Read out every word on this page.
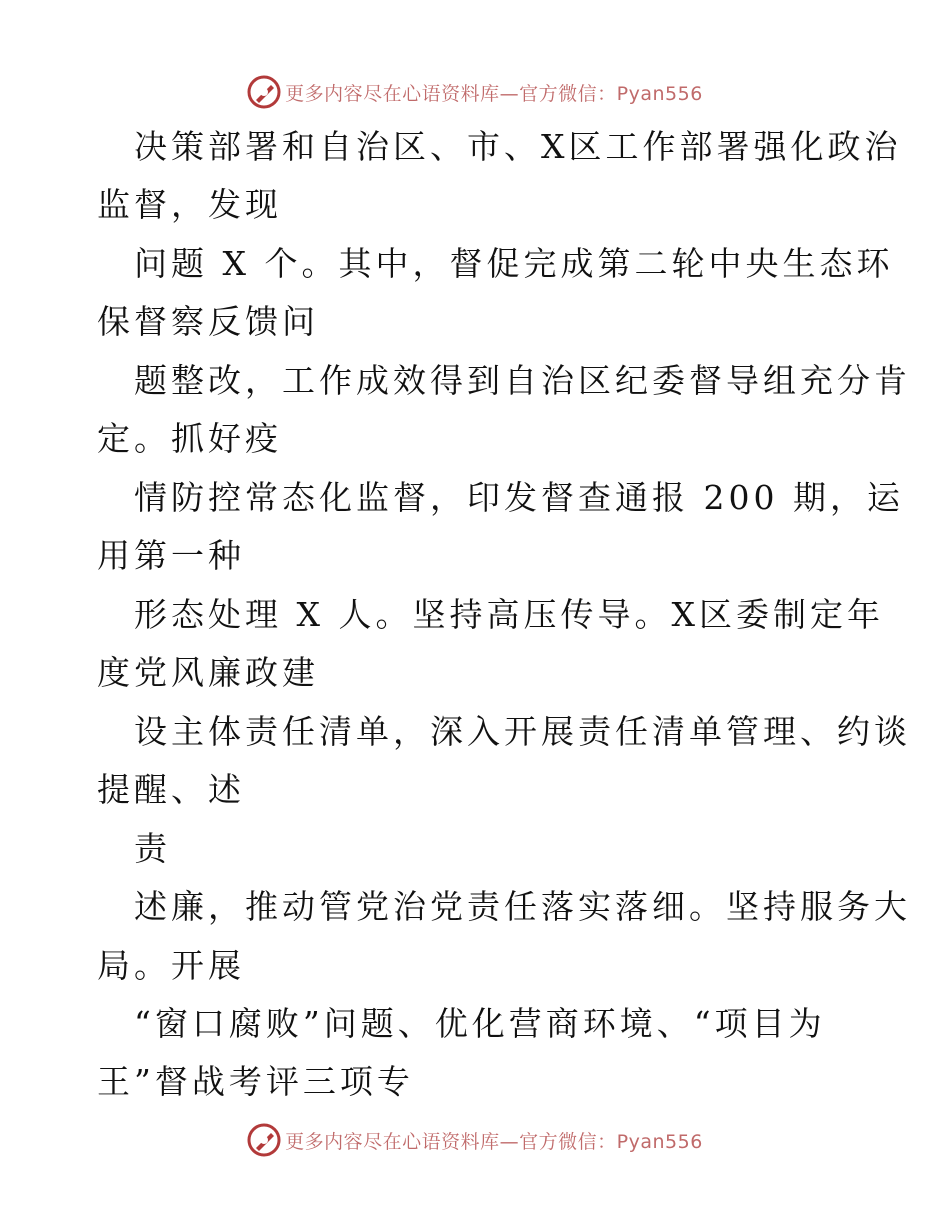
更多内容尽在心语资料库—官方微信：Pyan556
　决策部署和自治区、市、X区工作部署强化政治
监督，发现
　问题 X 个。其中，督促完成第二轮中央生态环
保督察反馈问
　题整改，工作成效得到自治区纪委督导组充分肯
定。抓好疫
　情防控常态化监督，印发督查通报 200 期，运
用第一种
　形态处理 X 人。坚持高压传导。X区委制定年
度党风廉政建
　设主体责任清单，深入开展责任清单管理、约谈
提醒、述
　责
　述廉，推动管党治党责任落实落细。坚持服务大
局。开展
　“窗口腐败”问题、优化营商环境、“项目为
王”督战考评三项专
更多内容尽在心语资料库—官方微信：Pyan556
